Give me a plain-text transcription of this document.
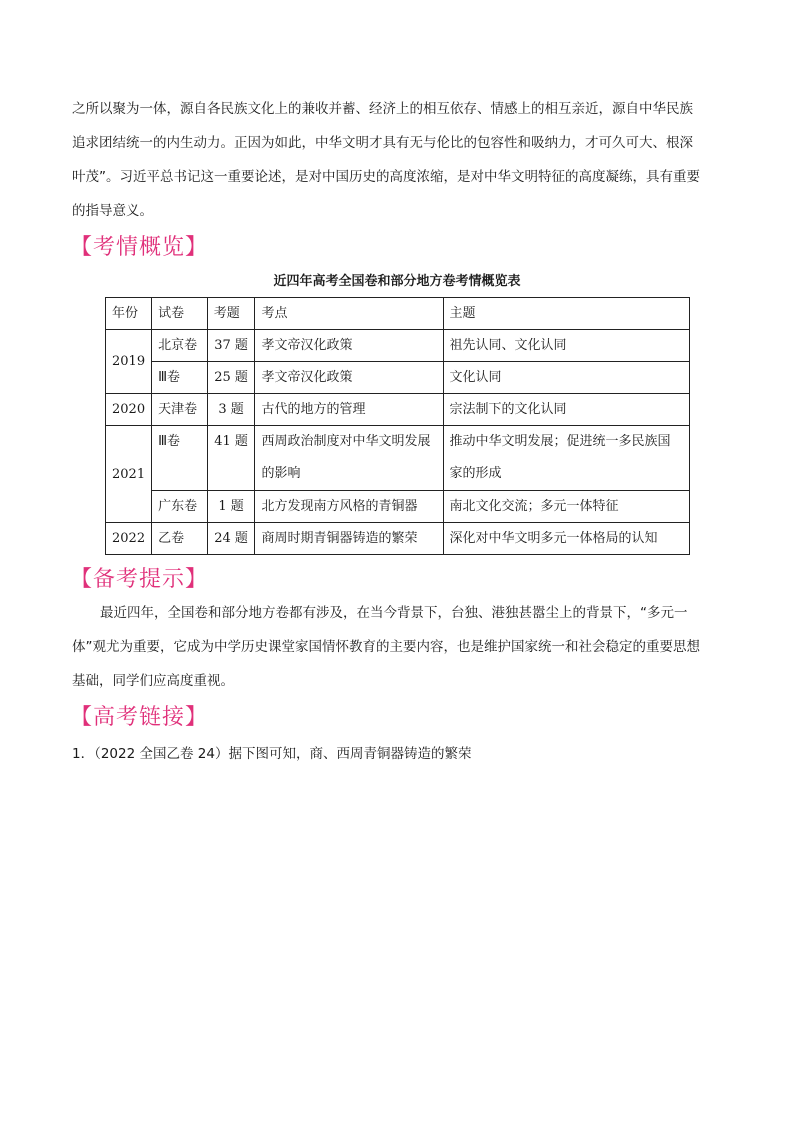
之所以聚为一体，源自各民族文化上的兼收并蓄、经济上的相互依存、情感上的相互亲近，源自中华民族
追求团结统一的内生动力。正因为如此，中华文明才具有无与伦比的包容性和吸纳力，才可久可大、根深
叶茂”。习近平总书记这一重要论述，是对中国历史的高度浓缩，是对中华文明特征的高度凝练，具有重要
的指导意义。
【考情概览】
近四年高考全国卷和部分地方卷考情概览表
年份	试卷	考题	考点	主题
2019	北京卷	37 题	孝文帝汉化政策	祖先认同、文化认同
	Ⅲ卷	25 题	孝文帝汉化政策	文化认同
2020	天津卷	3 题	古代的地方的管理	宗法制下的文化认同
2021	Ⅲ卷	41 题	西周政治制度对中华文明发展的影响	推动中华文明发展；促进统一多民族国家的形成
	广东卷	1 题	北方发现南方风格的青铜器	南北文化交流；多元一体特征
2022	乙卷	24 题	商周时期青铜器铸造的繁荣	深化对中华文明多元一体格局的认知
【备考提示】
最近四年，全国卷和部分地方卷都有涉及，在当今背景下，台独、港独甚嚣尘上的背景下，“多元一
体”观尤为重要，它成为中学历史课堂家国情怀教育的主要内容，也是维护国家统一和社会稳定的重要思想
基础，同学们应高度重视。
【高考链接】
1．（2022 全国乙卷 24）据下图可知，商、西周青铜器铸造的繁荣
